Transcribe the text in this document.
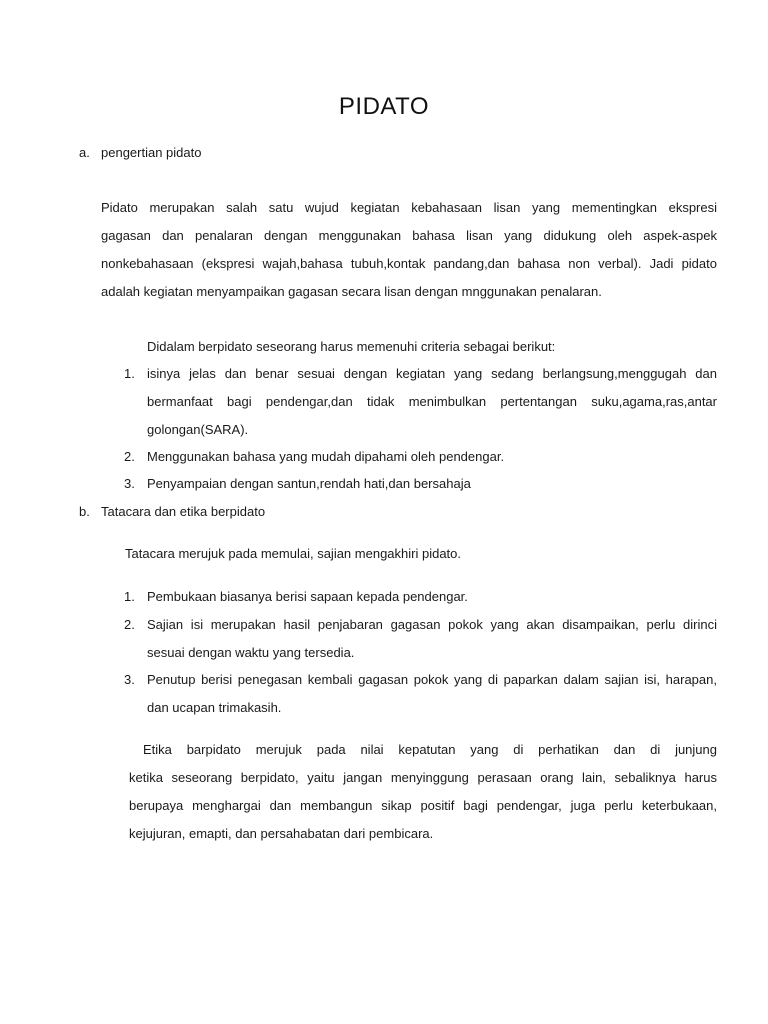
PIDATO
a. pengertian pidato
Pidato merupakan salah satu wujud kegiatan kebahasaan lisan yang mementingkan ekspresi
gagasan dan penalaran dengan menggunakan bahasa lisan yang didukung oleh aspek-aspek
nonkebahasaan (ekspresi wajah,bahasa tubuh,kontak pandang,dan bahasa non verbal). Jadi pidato
adalah kegiatan menyampaikan gagasan secara lisan dengan mnggunakan penalaran.
Didalam berpidato seseorang harus memenuhi criteria sebagai berikut:
1. isinya jelas dan benar sesuai dengan kegiatan yang sedang berlangsung,menggugah dan
bermanfaat bagi pendengar,dan tidak menimbulkan pertentangan suku,agama,ras,antar
golongan(SARA).
2. Menggunakan bahasa yang mudah dipahami oleh pendengar.
3. Penyampaian dengan santun,rendah hati,dan bersahaja
b. Tatacara dan etika berpidato
Tatacara merujuk pada memulai, sajian mengakhiri pidato.
1. Pembukaan biasanya berisi sapaan kepada pendengar.
2. Sajian isi merupakan hasil penjabaran gagasan pokok yang akan disampaikan, perlu dirinci
sesuai dengan waktu yang tersedia.
3. Penutup berisi penegasan kembali gagasan pokok yang di paparkan dalam sajian isi, harapan,
dan ucapan trimakasih.
Etika barpidato merujuk pada nilai kepatutan yang di perhatikan dan di junjung
ketika seseorang berpidato, yaitu jangan menyinggung perasaan orang lain, sebaliknya harus
berupaya menghargai dan membangun sikap positif bagi pendengar, juga perlu keterbukaan,
kejujuran, emapti, dan persahabatan dari pembicara.
